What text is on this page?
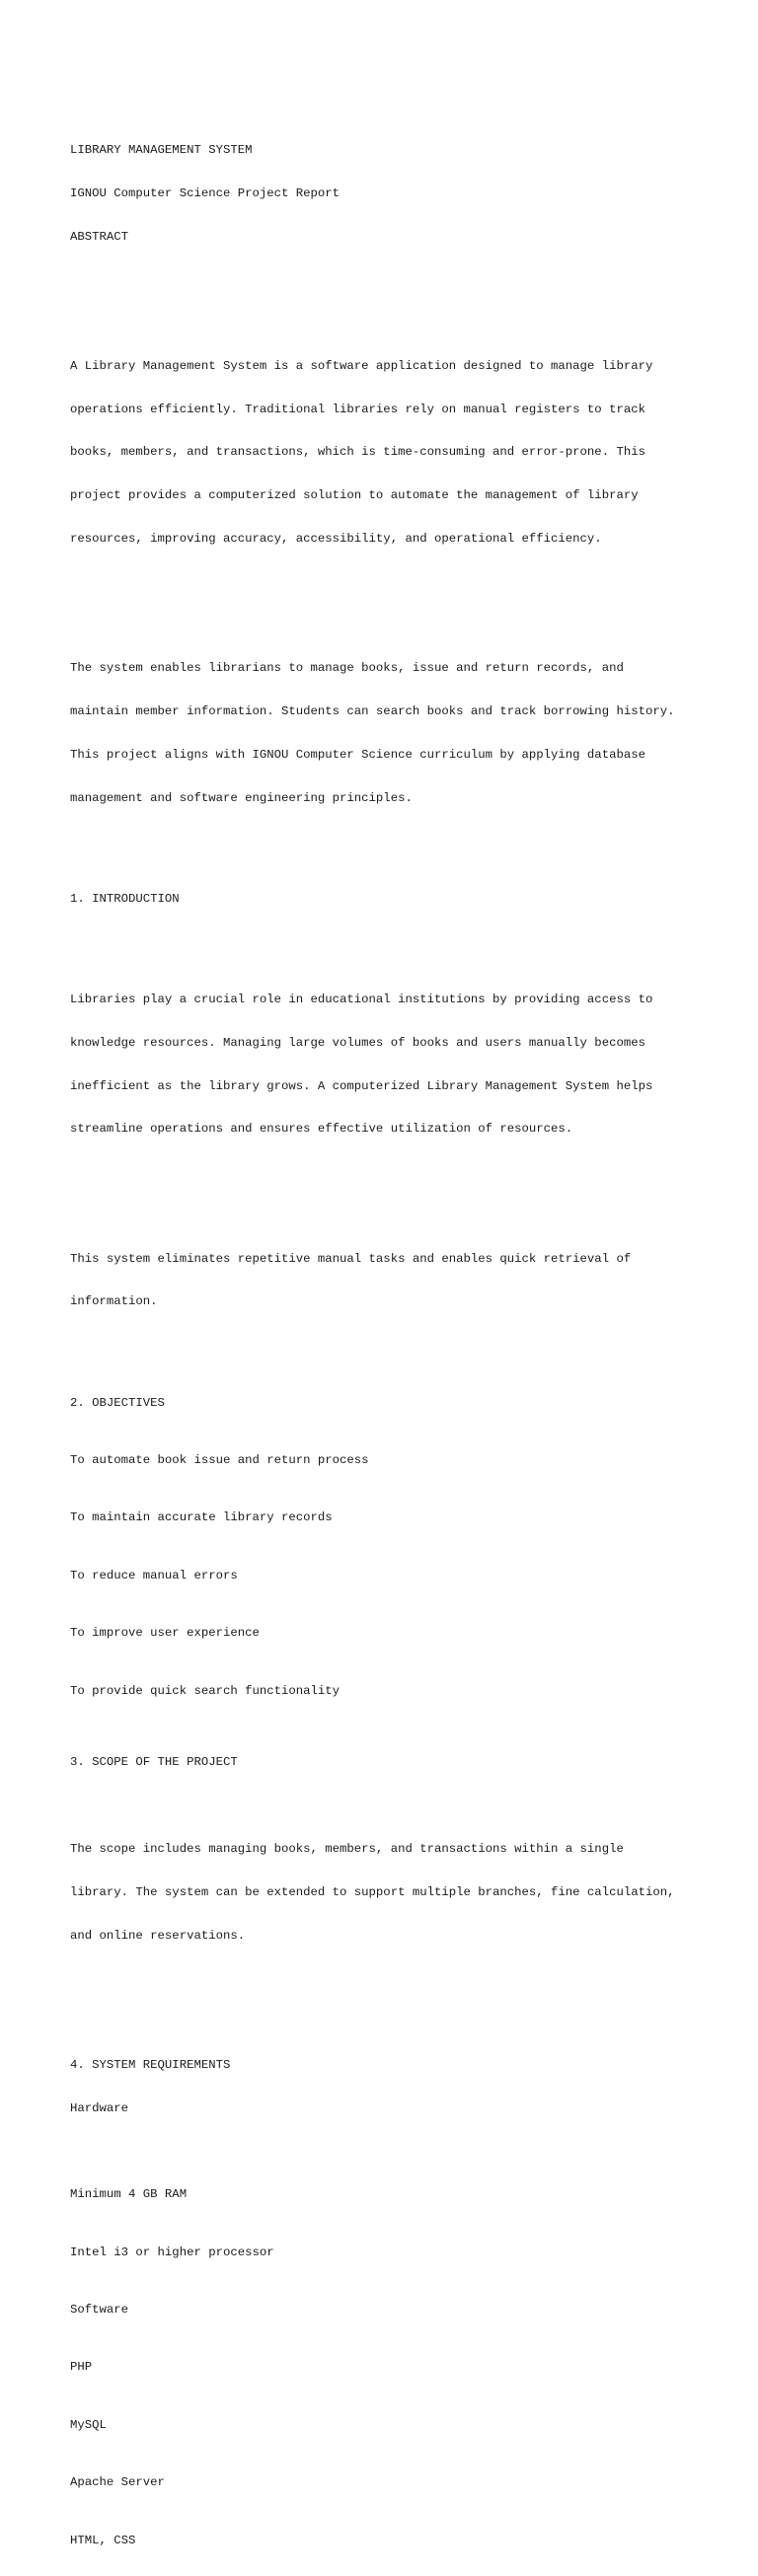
LIBRARY MANAGEMENT SYSTEM

IGNOU Computer Science Project Report

ABSTRACT

A Library Management System is a software application designed to manage library

operations efficiently. Traditional libraries rely on manual registers to track

books, members, and transactions, which is time-consuming and error-prone. This

project provides a computerized solution to automate the management of library

resources, improving accuracy, accessibility, and operational efficiency.

The system enables librarians to manage books, issue and return records, and

maintain member information. Students can search books and track borrowing history.

This project aligns with IGNOU Computer Science curriculum by applying database

management and software engineering principles.

1. INTRODUCTION

Libraries play a crucial role in educational institutions by providing access to

knowledge resources. Managing large volumes of books and users manually becomes

inefficient as the library grows. A computerized Library Management System helps

streamline operations and ensures effective utilization of resources.

This system eliminates repetitive manual tasks and enables quick retrieval of

information.

2. OBJECTIVES

To automate book issue and return process

To maintain accurate library records

To reduce manual errors

To improve user experience

To provide quick search functionality

3. SCOPE OF THE PROJECT

The scope includes managing books, members, and transactions within a single

library. The system can be extended to support multiple branches, fine calculation,

and online reservations.

4. SYSTEM REQUIREMENTS

Hardware

Minimum 4 GB RAM

Intel i3 or higher processor

Software

PHP

MySQL

Apache Server

HTML, CSS
